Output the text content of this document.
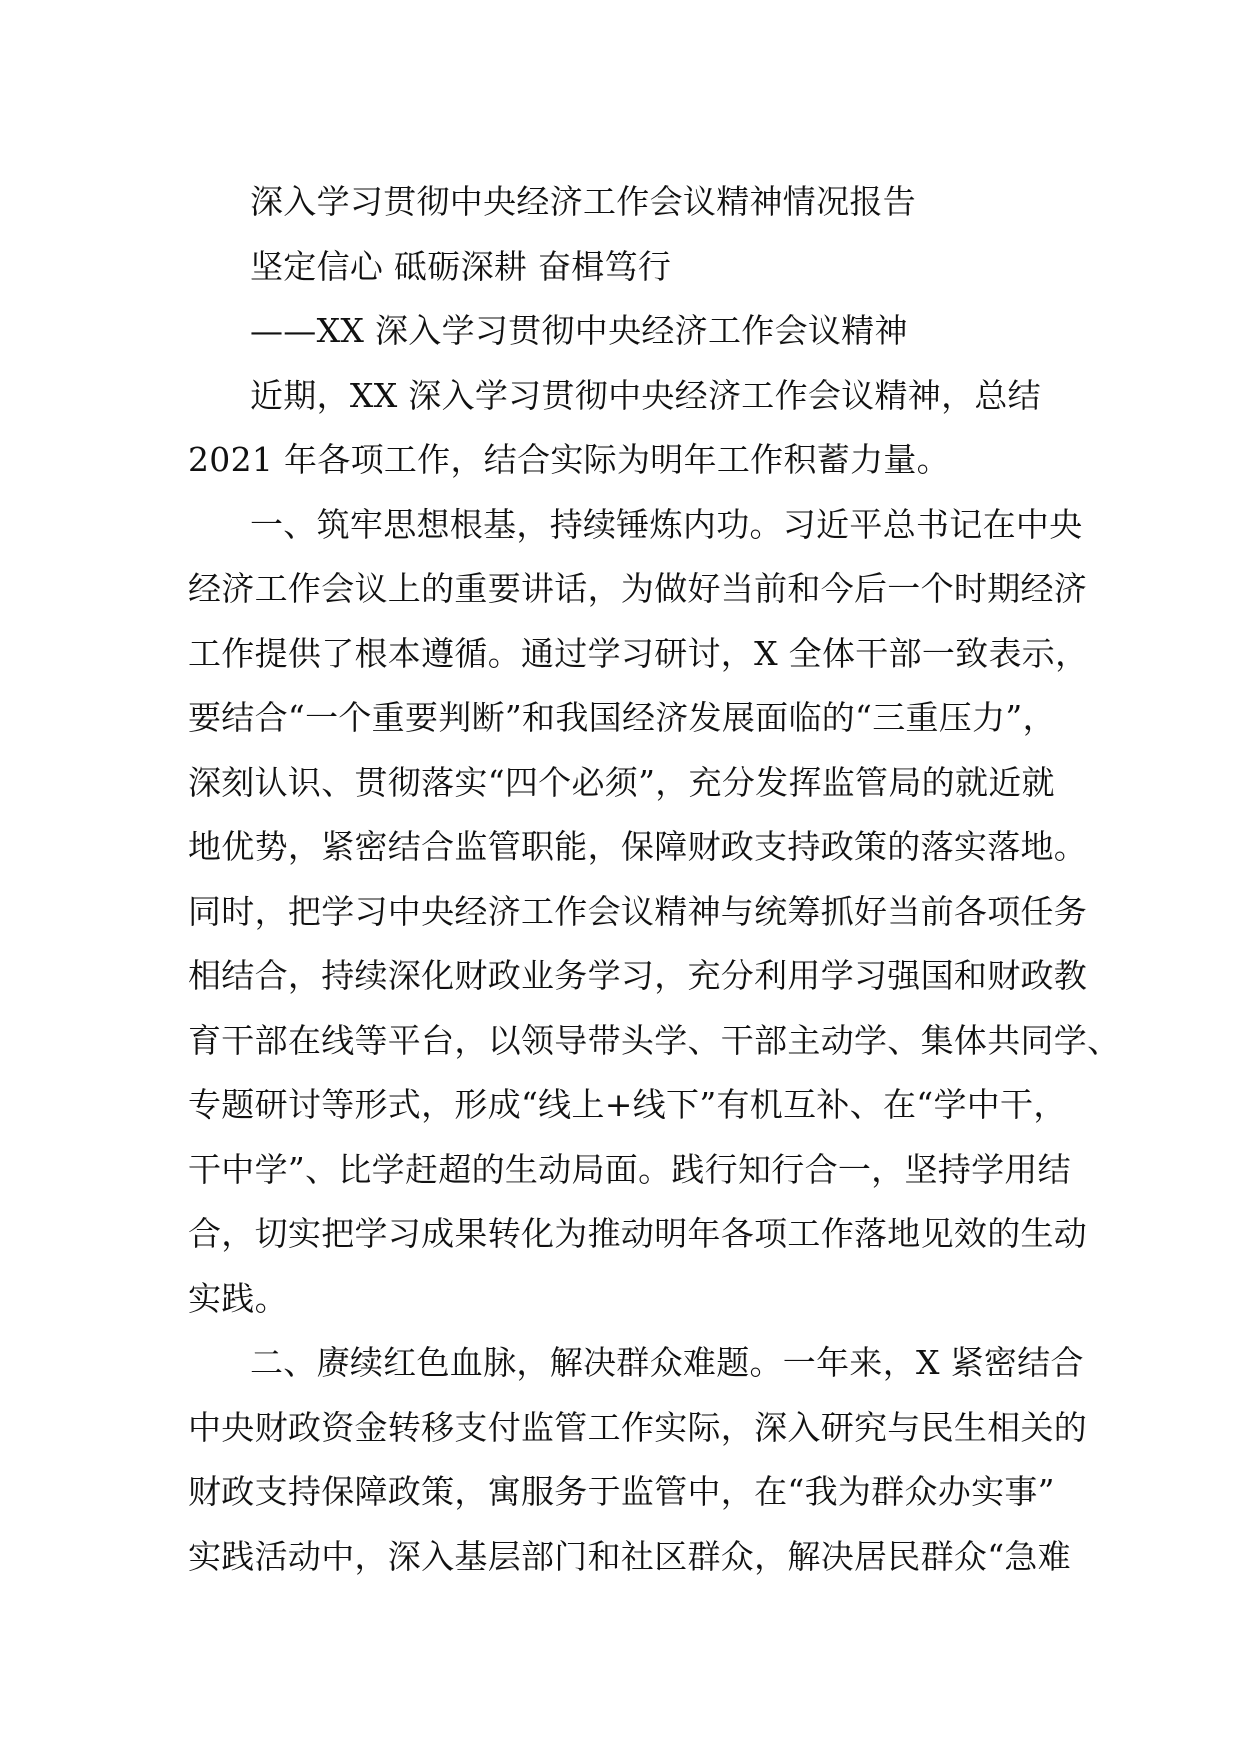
深入学习贯彻中央经济工作会议精神情况报告
坚定信心 砥砺深耕 奋楫笃行
——XX 深入学习贯彻中央经济工作会议精神
近期，XX 深入学习贯彻中央经济工作会议精神，总结
2021 年各项工作，结合实际为明年工作积蓄力量。
一、筑牢思想根基，持续锤炼内功。习近平总书记在中央
经济工作会议上的重要讲话，为做好当前和今后一个时期经济
工作提供了根本遵循。通过学习研讨，X 全体干部一致表示，
要结合“一个重要判断”和我国经济发展面临的“三重压力”，
深刻认识、贯彻落实“四个必须”，充分发挥监管局的就近就
地优势，紧密结合监管职能，保障财政支持政策的落实落地。
同时，把学习中央经济工作会议精神与统筹抓好当前各项任务
相结合，持续深化财政业务学习，充分利用学习强国和财政教
育干部在线等平台，以领导带头学、干部主动学、集体共同学、
专题研讨等形式，形成“线上+线下”有机互补、在“学中干，
干中学”、比学赶超的生动局面。践行知行合一，坚持学用结
合，切实把学习成果转化为推动明年各项工作落地见效的生动
实践。
二、赓续红色血脉，解决群众难题。一年来，X 紧密结合
中央财政资金转移支付监管工作实际，深入研究与民生相关的
财政支持保障政策，寓服务于监管中，在“我为群众办实事”
实践活动中，深入基层部门和社区群众，解决居民群众“急难
